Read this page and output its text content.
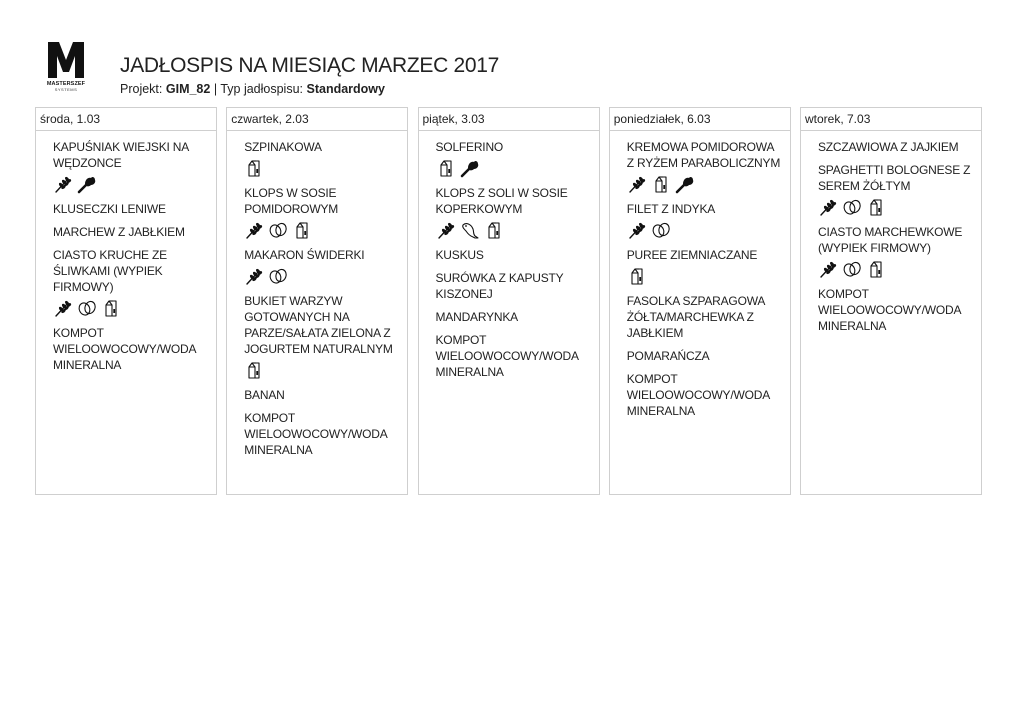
MASTERSZEF
SYSTEMS
JADŁOSPIS NA MIESIĄC MARZEC 2017
Projekt: GIM_82 | Typ jadłospisu: Standardowy
środa, 1.03
KAPUŚNIAK WIEJSKI NA WĘDZONCE
KLUSECZKI LENIWE
MARCHEW Z JABŁKIEM
CIASTO KRUCHE ZE ŚLIWKAMI (WYPIEK FIRMOWY)
KOMPOT WIELOOWOCOWY/WODA MINERALNA
czwartek, 2.03
SZPINAKOWA
KLOPS W SOSIE POMIDOROWYM
MAKARON ŚWIDERKI
BUKIET WARZYW GOTOWANYCH NA PARZE/SAŁATA ZIELONA Z JOGURTEM NATURALNYM
BANAN
KOMPOT WIELOOWOCOWY/WODA MINERALNA
piątek, 3.03
SOLFERINO
KLOPS Z SOLI W SOSIE KOPERKOWYM
KUSKUS
SURÓWKA Z KAPUSTY KISZONEJ
MANDARYNKA
KOMPOT WIELOOWOCOWY/WODA MINERALNA
poniedziałek, 6.03
KREMOWA POMIDOROWA Z RYŻEM PARABOLICZNYM
FILET Z INDYKA
PUREE ZIEMNIACZANE
FASOLKA SZPARAGOWA ŻÓŁTA/MARCHEWKA Z JABŁKIEM
POMARAŃCZA
KOMPOT WIELOOWOCOWY/WODA MINERALNA
wtorek, 7.03
SZCZAWIOWA Z JAJKIEM
SPAGHETTI BOLOGNESE Z SEREM ŻÓŁTYM
CIASTO MARCHEWKOWE (WYPIEK FIRMOWY)
KOMPOT WIELOOWOCOWY/WODA MINERALNA
